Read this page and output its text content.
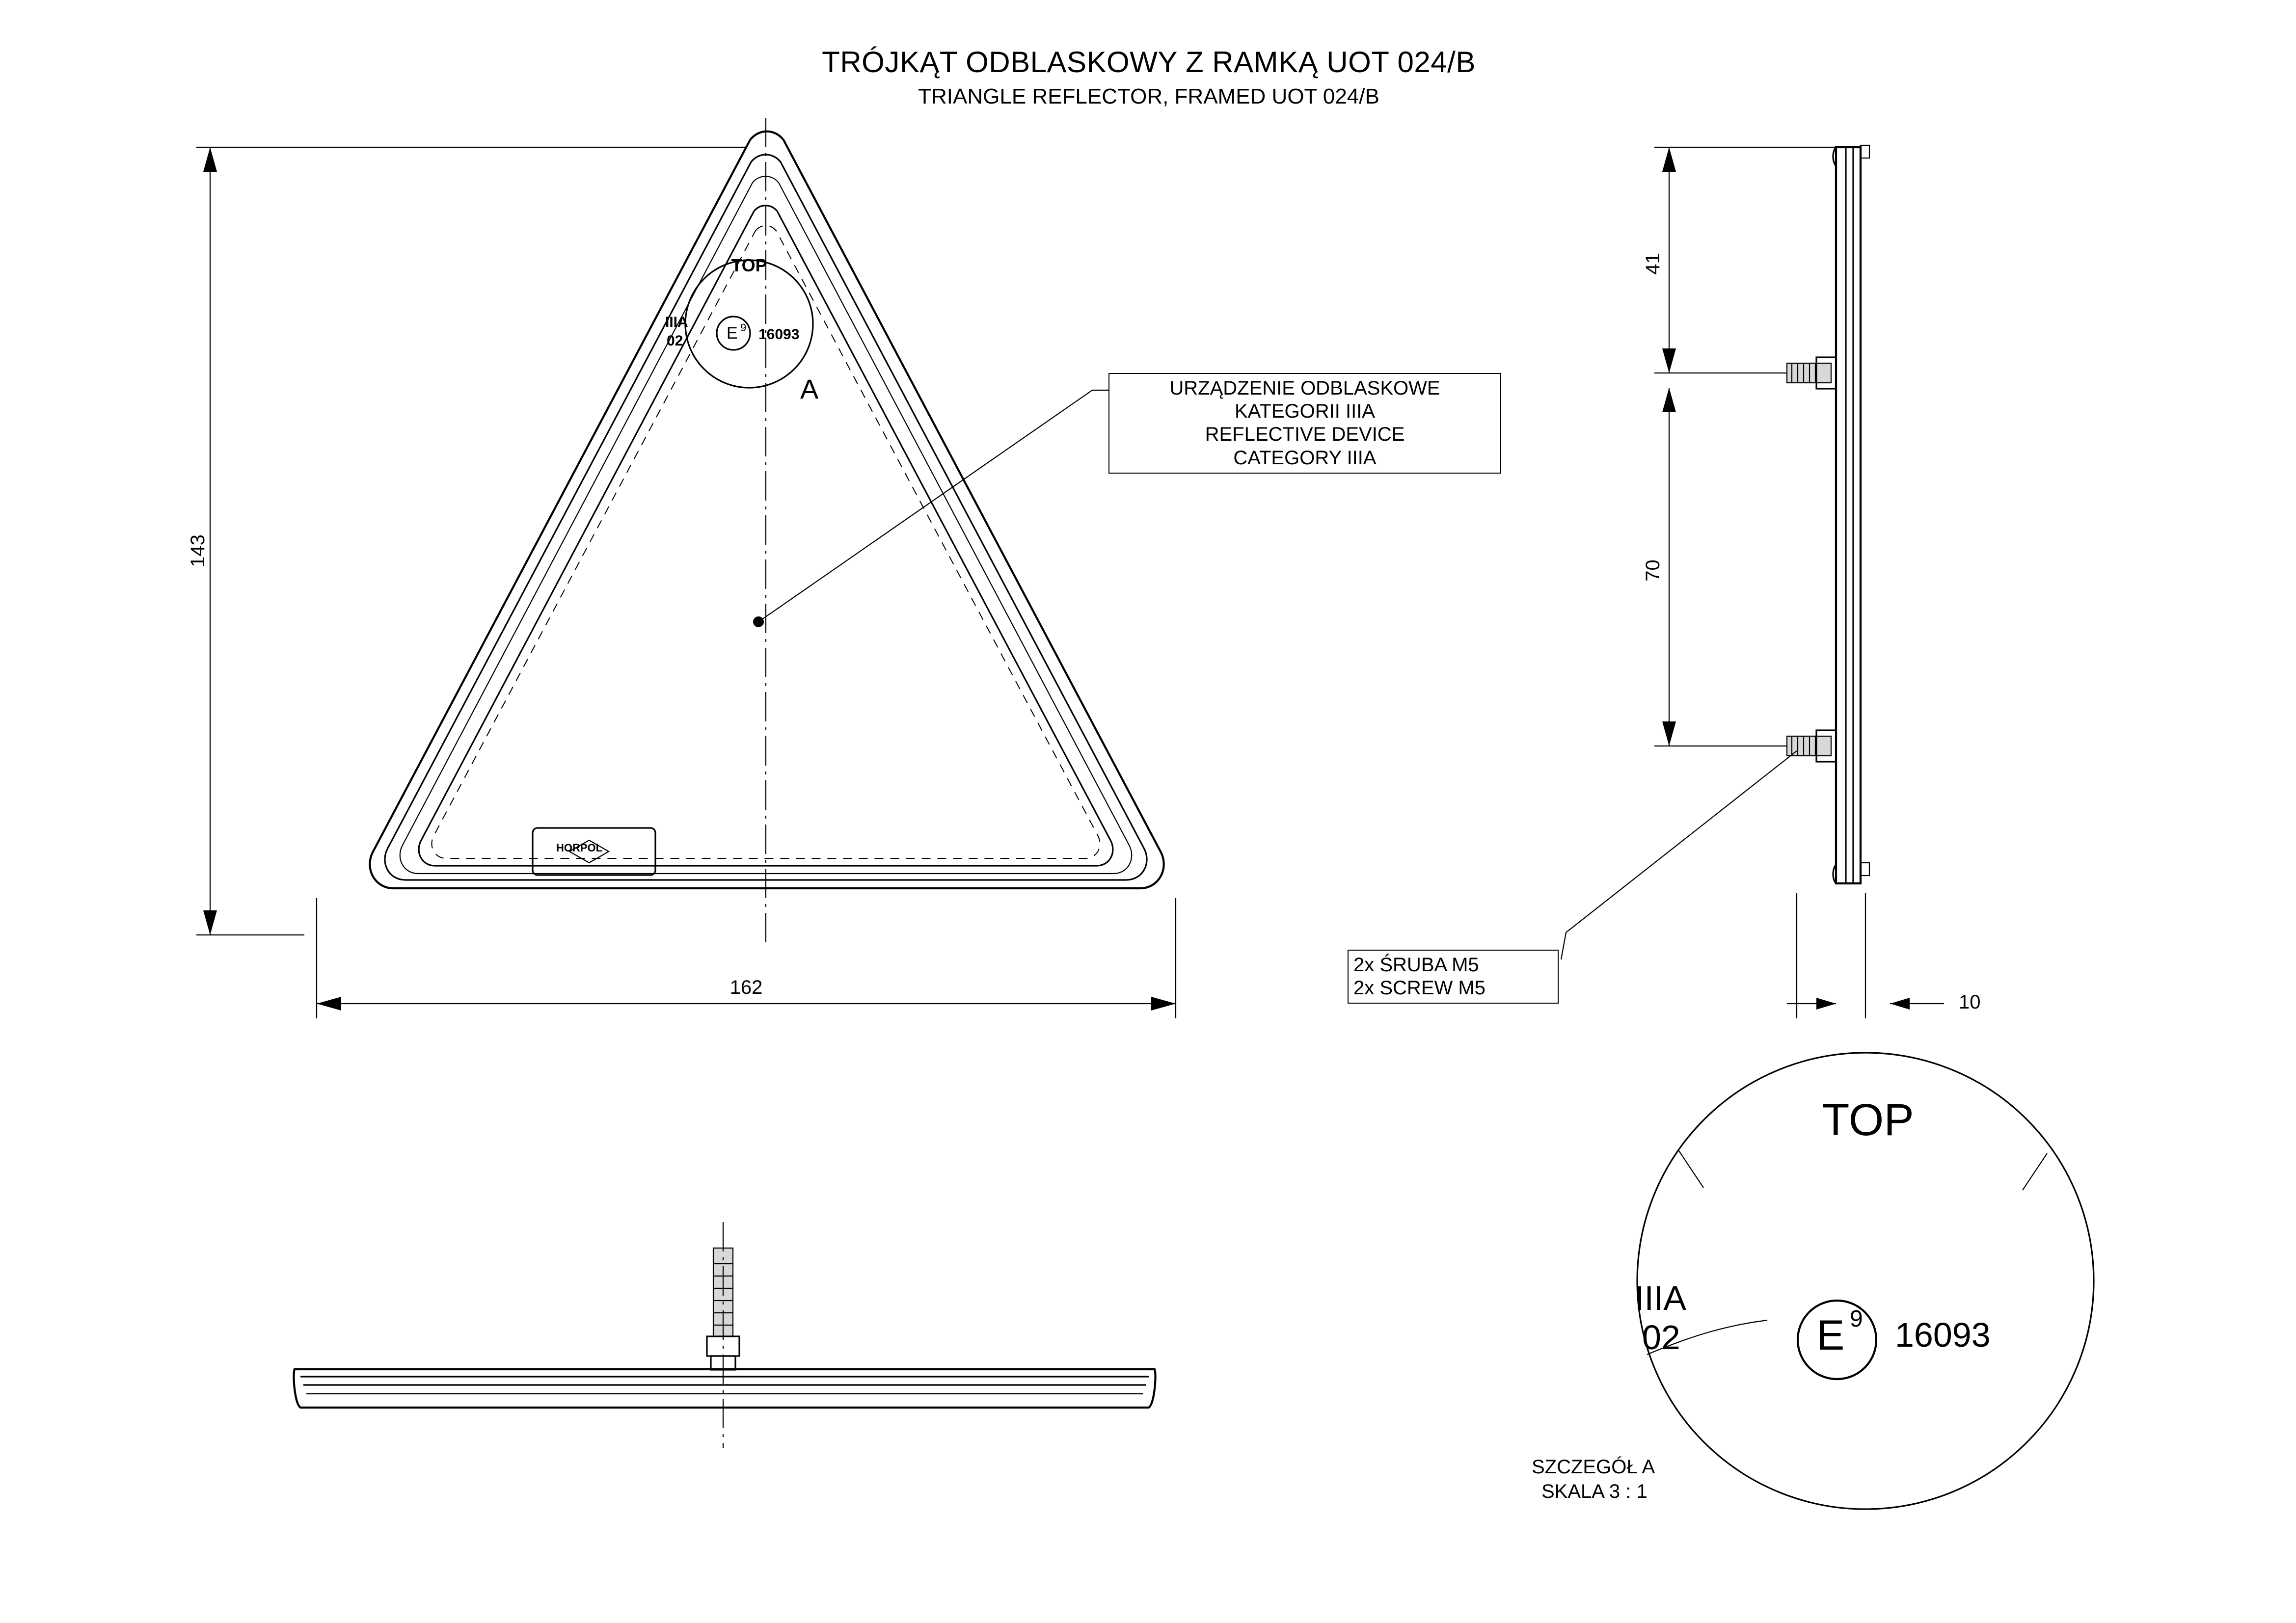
TRÓJKĄT ODBLASKOWY Z RAMKĄ UOT 024/B
TRIANGLE REFLECTOR, FRAMED UOT 024/B
143
162
TOP
IIIA
02	E 9 16093
A
HORPOL
URZĄDZENIE ODBLASKOWE
KATEGORII IIIA
REFLECTIVE DEVICE
CATEGORY IIIA
41
70
10
2x ŚRUBA M5
2x SCREW M5
TOP
IIIA
02	E 9 16093
SZCZEGÓŁ A
SKALA 3 : 1
